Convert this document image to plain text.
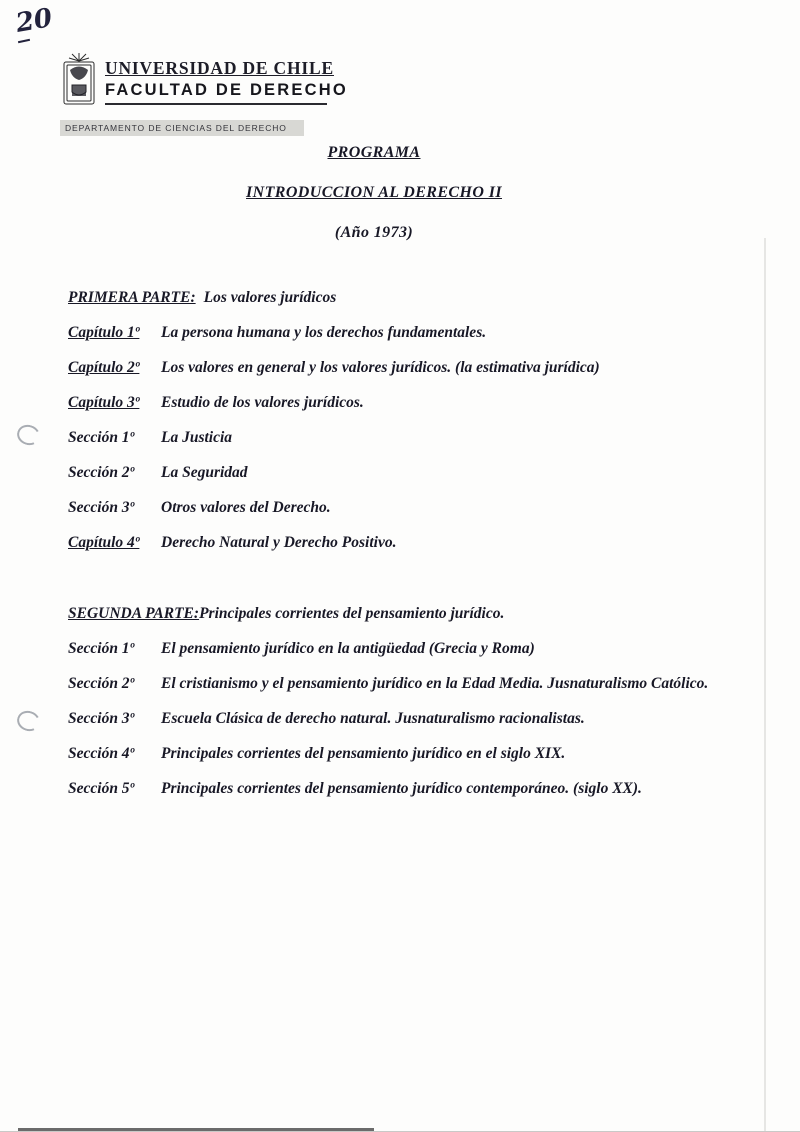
20
UNIVERSIDAD DE CHILE
FACULTAD DE DERECHO
DEPARTAMENTO DE CIENCIAS DEL DERECHO
PROGRAMA
INTRODUCCION AL DERECHO II
(Año 1973)
PRIMERA PARTE: Los valores jurídicos
Capítulo 1º	La persona humana y los derechos fundamentales.
Capítulo 2º	Los valores en general y los valores jurídicos. (la estimativa jurídica)
Capítulo 3º	Estudio de los valores jurídicos.
Sección 1º	La Justicia
Sección 2º	La Seguridad
Sección 3º	Otros valores del Derecho.
Capítulo 4º	Derecho Natural y Derecho Positivo.
SEGUNDA PARTE: Principales corrientes del pensamiento jurídico.
Sección 1º	El pensamiento jurídico en la antigüedad (Grecia y Roma)
Sección 2º	El cristianismo y el pensamiento jurídico en la Edad Media. Jusnaturalismo Católico.
Sección 3º	Escuela Clásica de derecho natural. Jusnaturalismo racionalistas.
Sección 4º	Principales corrientes del pensamiento jurídico en el siglo XIX.
Sección 5º	Principales corrientes del pensamiento jurídico contemporáneo. (siglo XX).
